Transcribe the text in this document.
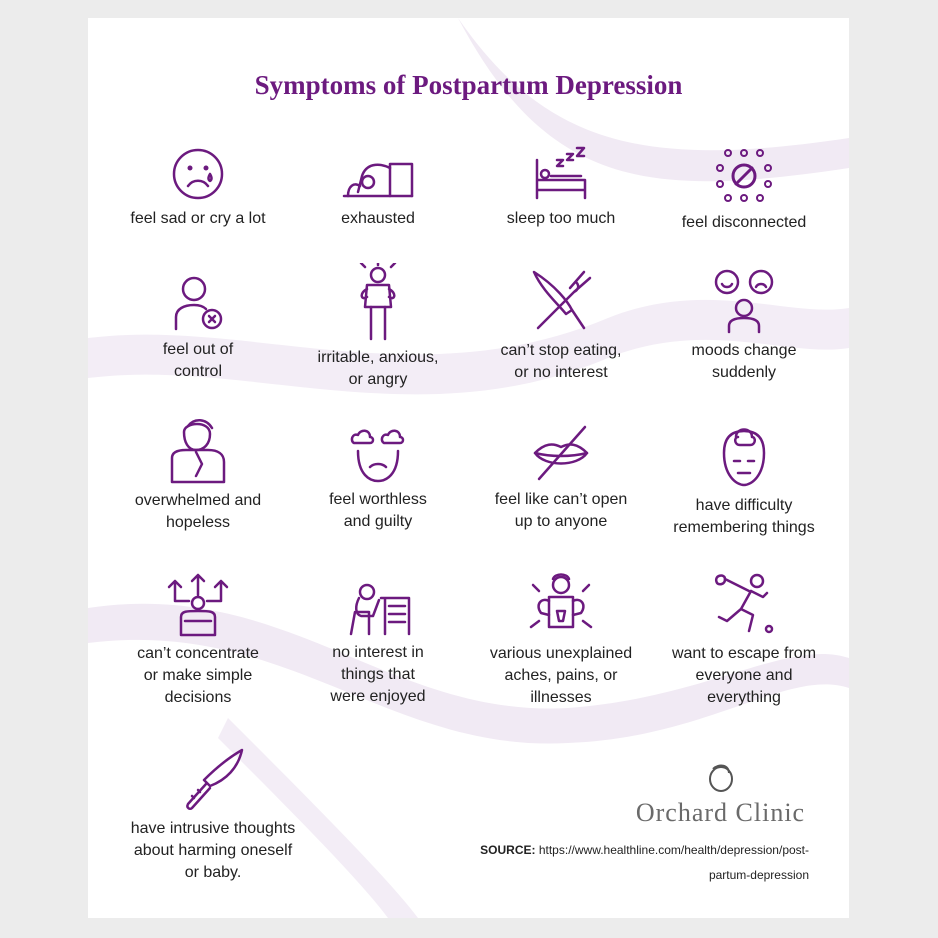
Symptoms of Postpartum Depression
feel sad or cry a lot	exhausted	sleep too much	feel disconnected
feel out of
control
irritable, anxious,
or angry
can’t stop eating,
or no interest
moods change
suddenly
overwhelmed and
hopeless
feel worthless
and guilty
feel like can’t open
up to anyone
have difficulty
remembering things
can’t concentrate
or make simple
decisions
no interest in
things that
were enjoyed
various unexplained
aches, pains, or
illnesses
want to escape from
everyone and
everything
have intrusive thoughts
about harming oneself
or baby.
Orchard Clinic
SOURCE: https://www.healthline.com/health/depression/post-partum-depression
